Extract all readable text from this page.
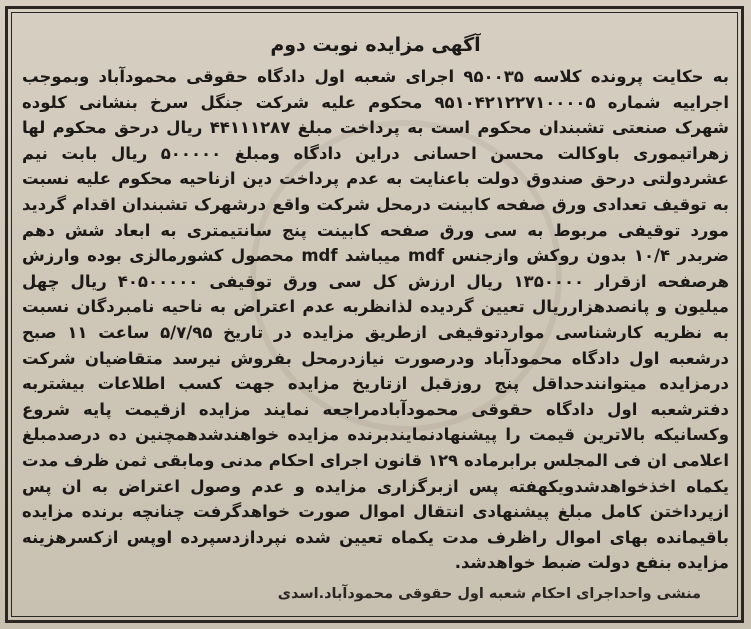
آگهی مزایده نوبت دوم

به حکایت پرونده کلاسه ۹۵۰۰۳۵ اجرای شعبه اول دادگاه حقوقی محمودآباد وبموجب اجراییه شماره ۹۵۱۰۴۲۱۲۲۷۱۰۰۰۰۵ محکوم علیه شرکت جنگل سرخ بنشانی کلوده شهرک صنعتی تشبندان محکوم است به پرداخت مبلغ ۴۴۱۱۱۲۸۷ ریال درحق محکوم لها زهراتیموری باوکالت محسن احسانی دراین دادگاه ومبلغ ۵۰۰۰۰۰ ریال بابت نیم عشردولتی درحق صندوق دولت باعنایت به عدم پرداخت دین ازناحیه محکوم علیه نسبت به توقیف تعدادی ورق صفحه کابینت درمحل شرکت واقع درشهرک تشبندان اقدام گردید مورد توقیفی مربوط به سی ورق صفحه کابینت پنج سانتیمتری به ابعاد شش دهم ضربدر ۱۰/۴ بدون روکش وازجنس mdf میباشد mdf محصول کشورمالزی بوده وارزش هرصفحه ازقرار ۱۳۵۰۰۰۰ ریال ارزش کل سی ورق توقیفی ۴۰۵۰۰۰۰۰ ریال چهل میلیون و پانصدهزارریال تعیین گردیده لذانظربه عدم اعتراض به ناحیه نامبردگان نسبت به نظریه کارشناسی مواردتوقیفی ازطریق مزایده در تاریخ ۵/۷/۹۵ ساعت ۱۱ صبح درشعبه اول دادگاه محمودآباد ودرصورت نیازدرمحل بفروش نیرسد متقاضیان شرکت درمزایده میتوانندحداقل پنج روزقبل ازتاریخ مزایده جهت کسب اطلاعات بیشتربه دفترشعبه اول دادگاه حقوقی محمودآبادمراجعه نمایند مزایده ازقیمت پایه شروع وکسانیکه بالاترین قیمت را پیشنهادنمایندبرنده مزایده خواهندشدهمچنین ده درصدمبلغ اعلامی ان فی المجلس برابرماده ۱۲۹ قانون اجرای احکام مدنی ومابقی ثمن ظرف مدت یکماه اخذخواهدشدویکهفته پس ازبرگزاری مزایده و عدم وصول اعتراض به ان پس ازپرداختن کامل مبلغ پیشنهادی انتقال اموال صورت خواهدگرفت چنانچه برنده مزایده باقیمانده بهای اموال راظرف مدت یکماه تعیین شده نپردازدسپرده اوپس ازکسرهزینه مزایده بنفع دولت ضبط خواهدشد.

منشی واحداجرای احکام شعبه اول حقوقی محمودآباد.اسدی
